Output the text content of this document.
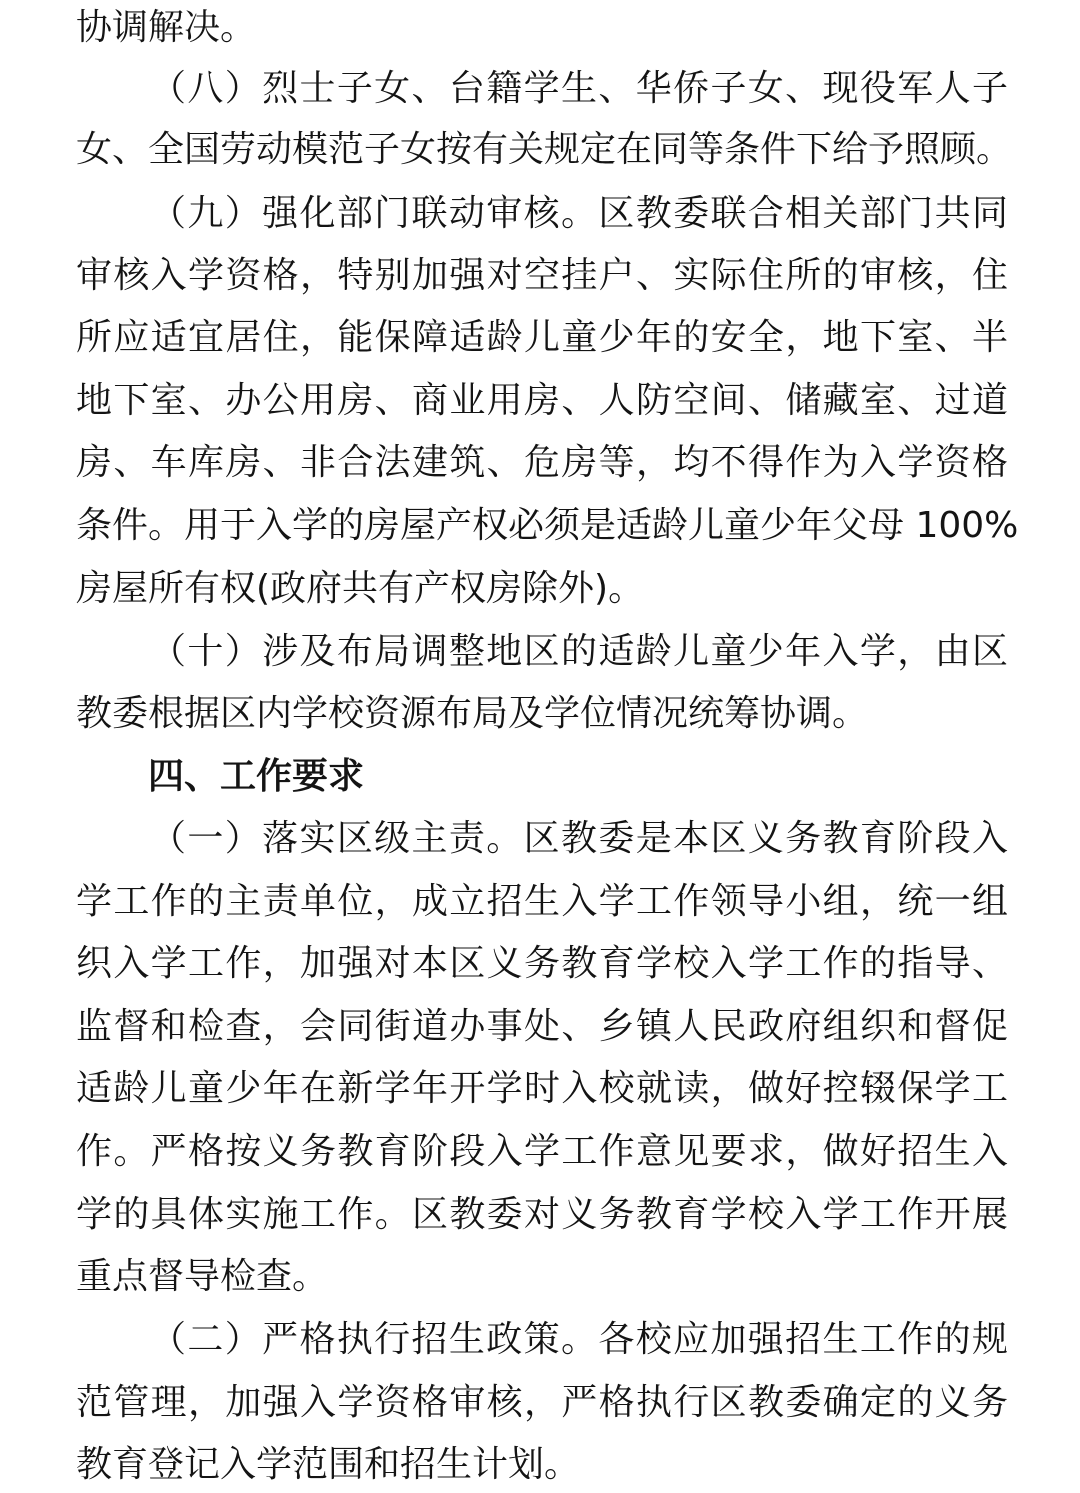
协调解决。
（八）烈士子女、台籍学生、华侨子女、现役军人子
女、全国劳动模范子女按有关规定在同等条件下给予照顾。
（九）强化部门联动审核。区教委联合相关部门共同
审核入学资格，特别加强对空挂户、实际住所的审核，住
所应适宜居住，能保障适龄儿童少年的安全，地下室、半
地下室、办公用房、商业用房、人防空间、储藏室、过道
房、车库房、非合法建筑、危房等，均不得作为入学资格
条件。用于入学的房屋产权必须是适龄儿童少年父母 100%
房屋所有权(政府共有产权房除外)。
（十）涉及布局调整地区的适龄儿童少年入学，由区
教委根据区内学校资源布局及学位情况统筹协调。
四、工作要求
（一）落实区级主责。区教委是本区义务教育阶段入
学工作的主责单位，成立招生入学工作领导小组，统一组
织入学工作，加强对本区义务教育学校入学工作的指导、
监督和检查，会同街道办事处、乡镇人民政府组织和督促
适龄儿童少年在新学年开学时入校就读，做好控辍保学工
作。严格按义务教育阶段入学工作意见要求，做好招生入
学的具体实施工作。区教委对义务教育学校入学工作开展
重点督导检查。
（二）严格执行招生政策。各校应加强招生工作的规
范管理，加强入学资格审核，严格执行区教委确定的义务
教育登记入学范围和招生计划。
